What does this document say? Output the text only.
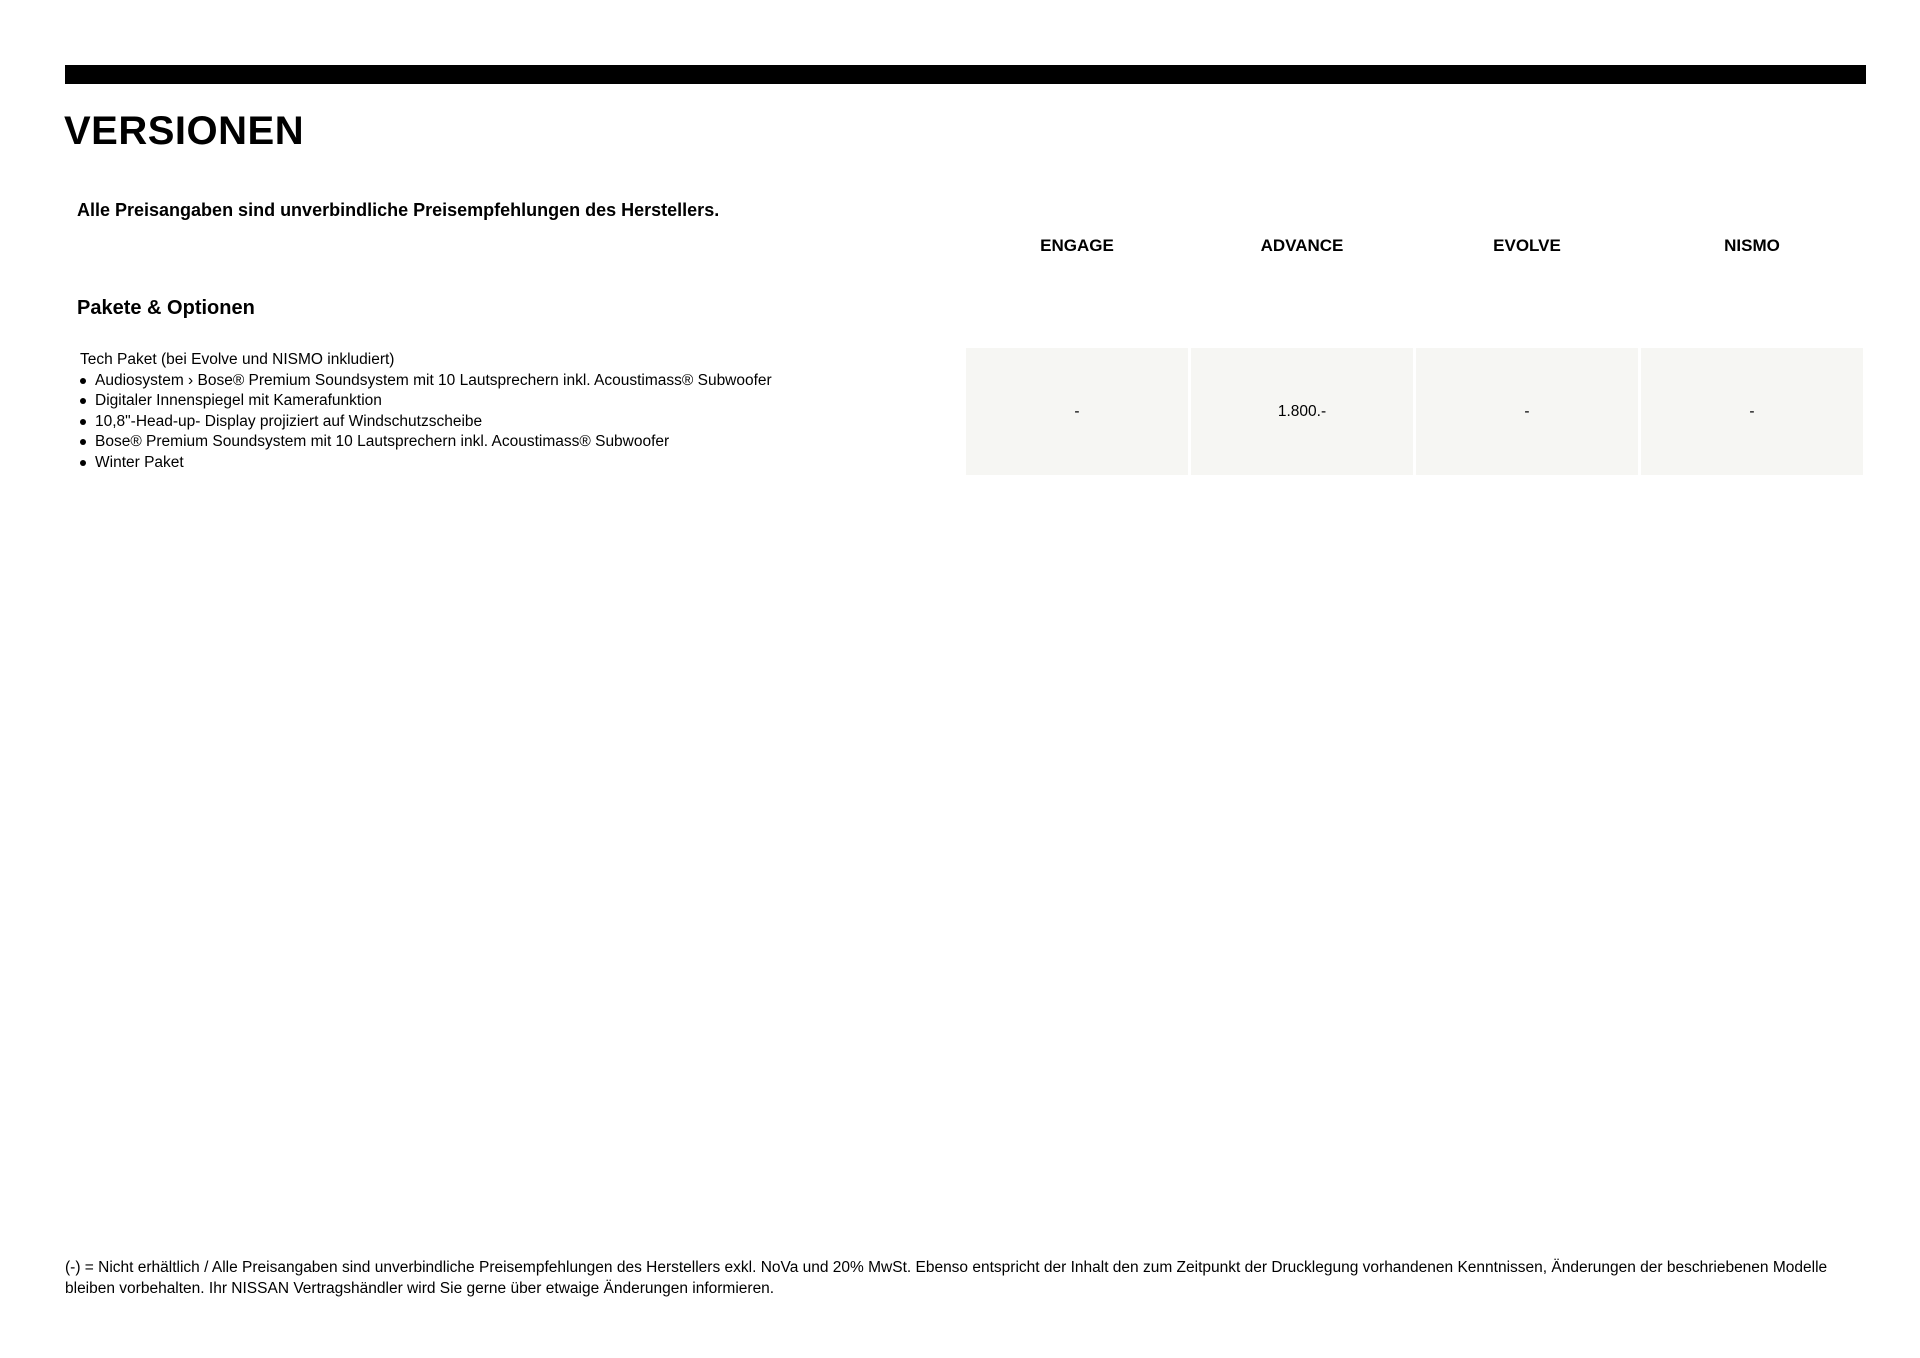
VERSIONEN
Alle Preisangaben sind unverbindliche Preisempfehlungen des Herstellers.
ENGAGE	ADVANCE	EVOLVE	NISMO
Pakete & Optionen
Tech Paket (bei Evolve und NISMO inkludiert)
Audiosystem › Bose® Premium Soundsystem mit 10 Lautsprechern inkl. Acoustimass® Subwoofer
Digitaler Innenspiegel mit Kamerafunktion
10,8"-Head-up- Display projiziert auf Windschutzscheibe
Bose® Premium Soundsystem mit 10 Lautsprechern inkl. Acoustimass® Subwoofer
Winter Paket
-	1.800.-	-	-
(-) = Nicht erhältlich / Alle Preisangaben sind unverbindliche Preisempfehlungen des Herstellers exkl. NoVa und 20% MwSt. Ebenso entspricht der Inhalt den zum Zeitpunkt der Drucklegung vorhandenen Kenntnissen, Änderungen der beschriebenen Modelle bleiben vorbehalten. Ihr NISSAN Vertragshändler wird Sie gerne über etwaige Änderungen informieren.
